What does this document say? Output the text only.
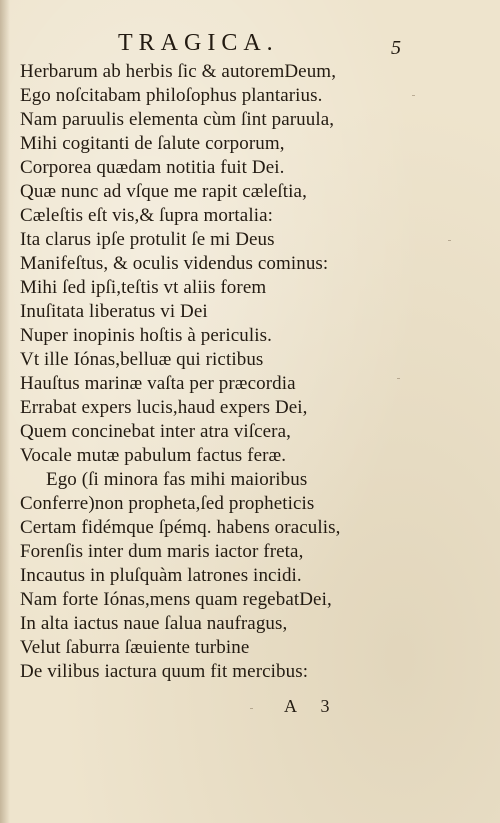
TRAGICA.	5
Herbarum ab herbis ſic & autoremDeum,
Ego noſcitabam philoſophus plantarius.
Nam paruulis elementa cùm ſint paruula,
Mihi cogitanti de ſalute corporum,
Corporea quædam notitia fuit Dei.
Quæ nunc ad vſque me rapit cæleſtia,
Cæleſtis eſt vis,& ſupra mortalia:
Ita clarus ipſe protulit ſe mi Deus
Manifeſtus, & oculis videndus cominus:
Mihi ſed ipſi,teſtis vt aliis forem
Inuſitata liberatus vi Dei
Nuper inopinis hoſtis à periculis.
Vt ille Iónas,belluæ qui rictibus
Hauſtus marinæ vaſta per præcordia
Errabat expers lucis,haud expers Dei,
Quem concinebat inter atra viſcera,
Vocale mutæ pabulum factus feræ.
Ego (ſi minora fas mihi maioribus
Conferre)non propheta,ſed propheticis
Certam fidémque ſpémq. habens oraculis,
Forenſis inter dum maris iactor freta,
Incautus in pluſquàm latrones incidi.
Nam forte Iónas,mens quam regebatDei,
In alta iactus naue ſalua naufragus,
Velut ſaburra ſæuiente turbine
De vilibus iactura quum fit mercibus:
A 3
